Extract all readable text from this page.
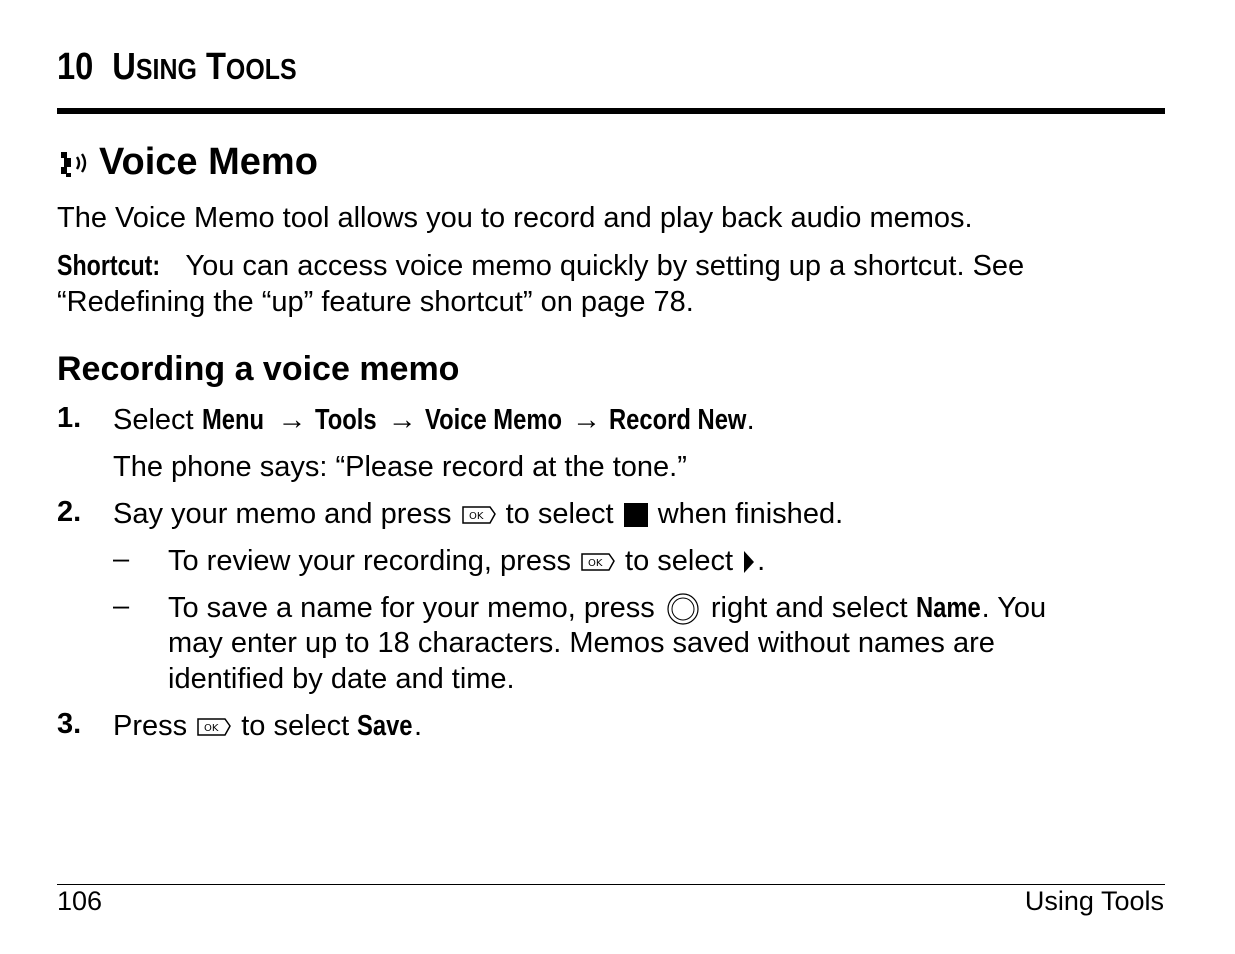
10 USING TOOLS
Voice Memo
The Voice Memo tool allows you to record and play back audio memos.
Shortcut: You can access voice memo quickly by setting up a shortcut. See
“Redefining the “up” feature shortcut” on page 78.
Recording a voice memo
1. Select Menu → Tools → Voice Memo → Record New.
The phone says: “Please record at the tone.”
2. Say your memo and press OK to select  when finished.
– To review your recording, press OK to select .
– To save a name for your memo, press  right and select Name. You
may enter up to 18 characters. Memos saved without names are
identified by date and time.
3. Press OK to select Save.
106	Using Tools
